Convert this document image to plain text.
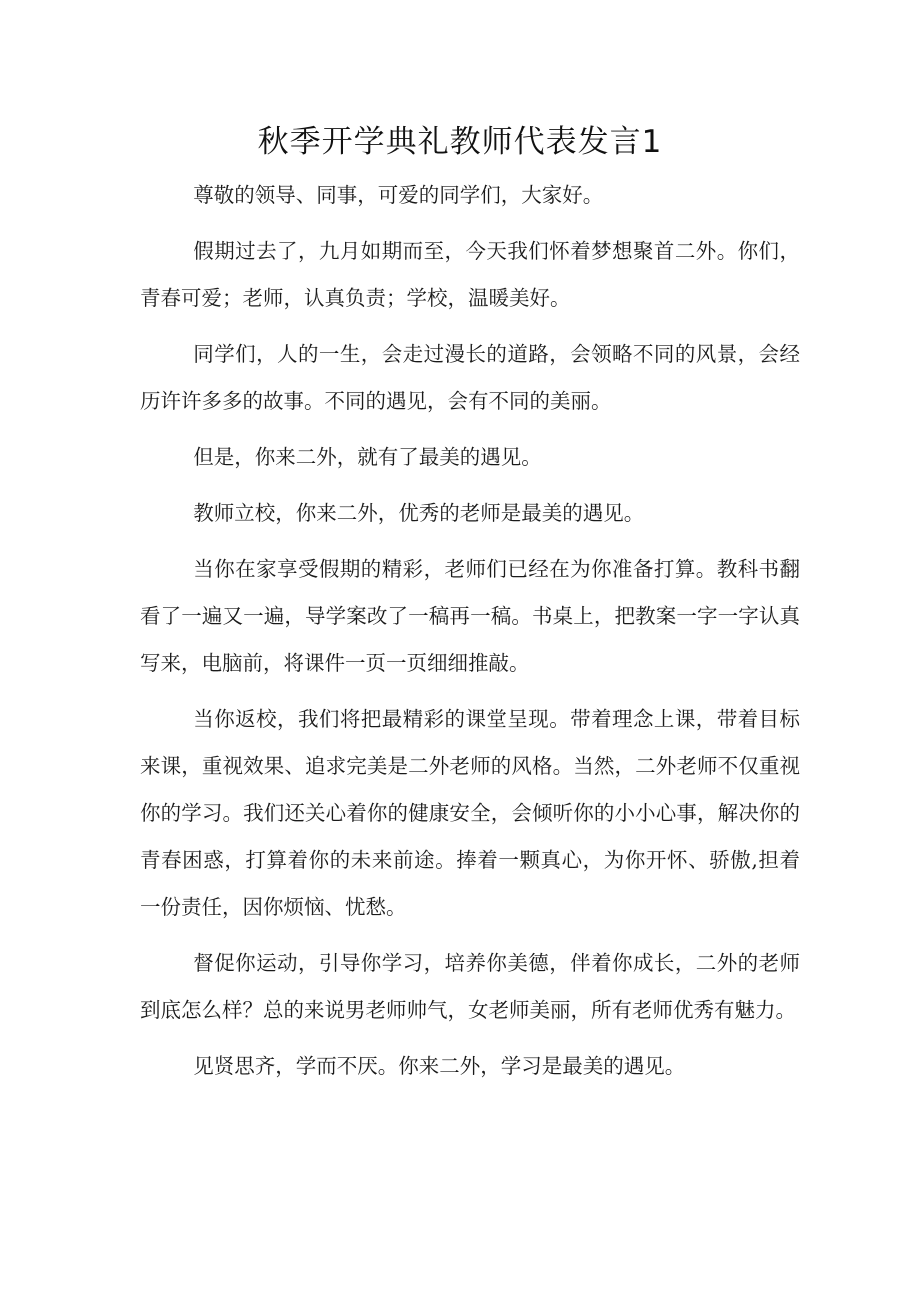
秋季开学典礼教师代表发言1

尊敬的领导、同事，可爱的同学们，大家好。

假期过去了，九月如期而至，今天我们怀着梦想聚首二外。你们，青春可爱；老师，认真负责；学校，温暖美好。

同学们，人的一生，会走过漫长的道路，会领略不同的风景，会经历许许多多的故事。不同的遇见，会有不同的美丽。

但是，你来二外，就有了最美的遇见。

教师立校，你来二外，优秀的老师是最美的遇见。

当你在家享受假期的精彩，老师们已经在为你准备打算。教科书翻看了一遍又一遍，导学案改了一稿再一稿。书桌上，把教案一字一字认真写来，电脑前，将课件一页一页细细推敲。

当你返校，我们将把最精彩的课堂呈现。带着理念上课，带着目标来课，重视效果、追求完美是二外老师的风格。当然，二外老师不仅重视你的学习。我们还关心着你的健康安全，会倾听你的小小心事，解决你的青春困惑，打算着你的未来前途。捧着一颗真心，为你开怀、骄傲,担着一份责任，因你烦恼、忧愁。

督促你运动，引导你学习，培养你美德，伴着你成长，二外的老师到底怎么样？总的来说男老师帅气，女老师美丽，所有老师优秀有魅力。

见贤思齐，学而不厌。你来二外，学习是最美的遇见。
